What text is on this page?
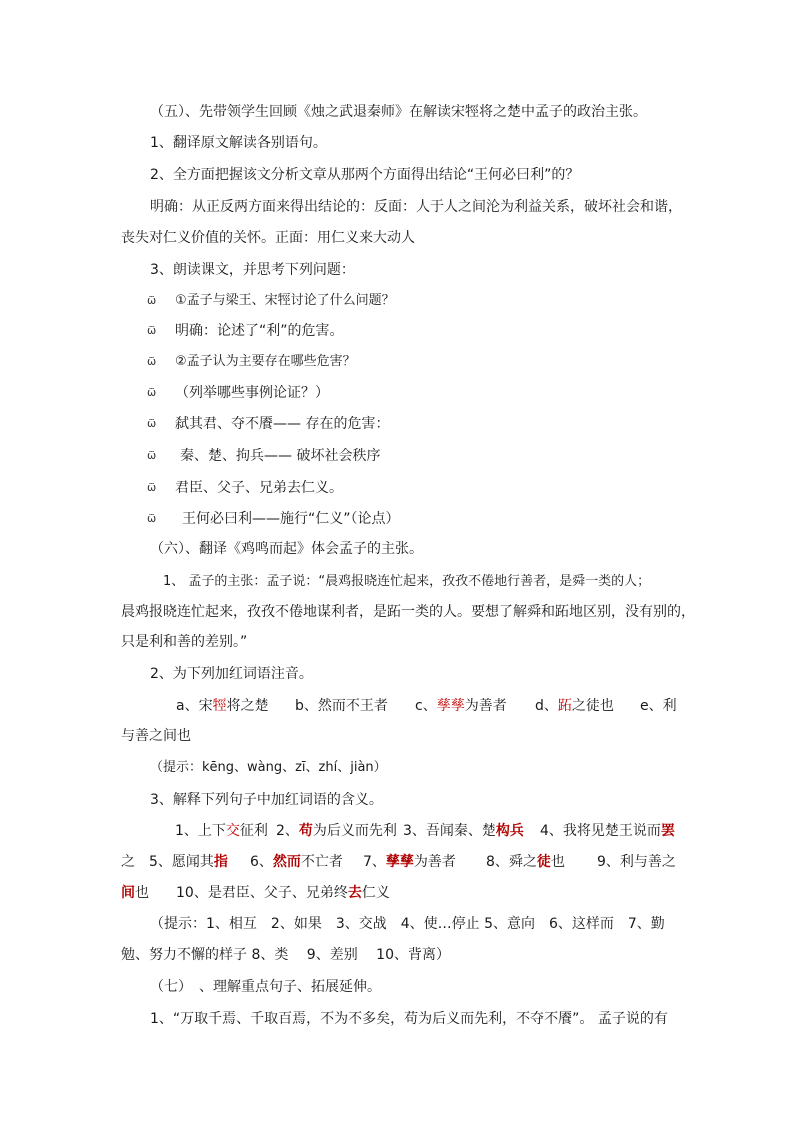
（五）、先带领学生回顾《烛之武退秦师》在解读宋牼将之楚中孟子的政治主张。
1、翻译原文解读各别语句。
2、全方面把握该文分析文章从那两个方面得出结论“王何必曰利”的？
明确：从正反两方面来得出结论的：反面：人于人之间沦为利益关系，破坏社会和谐，
丧失对仁义价值的关怀。正面：用仁义来大动人
3、朗读课文，并思考下列问题：
ѿ ①孟子与梁王、宋牼讨论了什么问题？
ѿ 明确：论述了“利”的危害。
ѿ ②孟子认为主要存在哪些危害？
ѿ （列举哪些事例论证？）
ѿ 弑其君、夺不餍—— 存在的危害：
ѿ 秦、楚、拘兵—— 破坏社会秩序
ѿ 君臣、父子、兄弟去仁义。
ѿ 王何必曰利——施行“仁义”（论点）
（六）、翻译《鸡鸣而起》体会孟子的主张。
1、 孟子的主张：孟子说：“晨鸡报晓连忙起来，孜孜不倦地行善者，是舜一类的人；
晨鸡报晓连忙起来，孜孜不倦地谋利者，是跖一类的人。要想了解舜和跖地区别，没有别的，
只是利和善的差别。”
2、为下列加红词语注音。
a、宋牼将之楚 b、然而不王者 c、孳孳为善者 d、跖之徒也 e、利
与善之间也
（提示：kēng、wàng、zī、zhí、jiàn）
3、解释下列句子中加红词语的含义。
1、上下交征利 2、苟为后义而先利 3、吾闻秦、楚构兵 4、我将见楚王说而罢
之 5、愿闻其指 6、然而不亡者 7、孳孳为善者 8、舜之徒也 9、利与善之
间也 10、是君臣、父子、兄弟终去仁义
（提示：1、相互　2、如果　3、交战　4、使…停止 5、意向　6、这样而　7、勤
勉、努力不懈的样子 8、类　 9、差别　 10、背离）
（七）　、理解重点句子、拓展延伸。
1、“万取千焉、千取百焉，不为不多矣，苟为后义而先利，不夺不餍”。 孟子说的有
